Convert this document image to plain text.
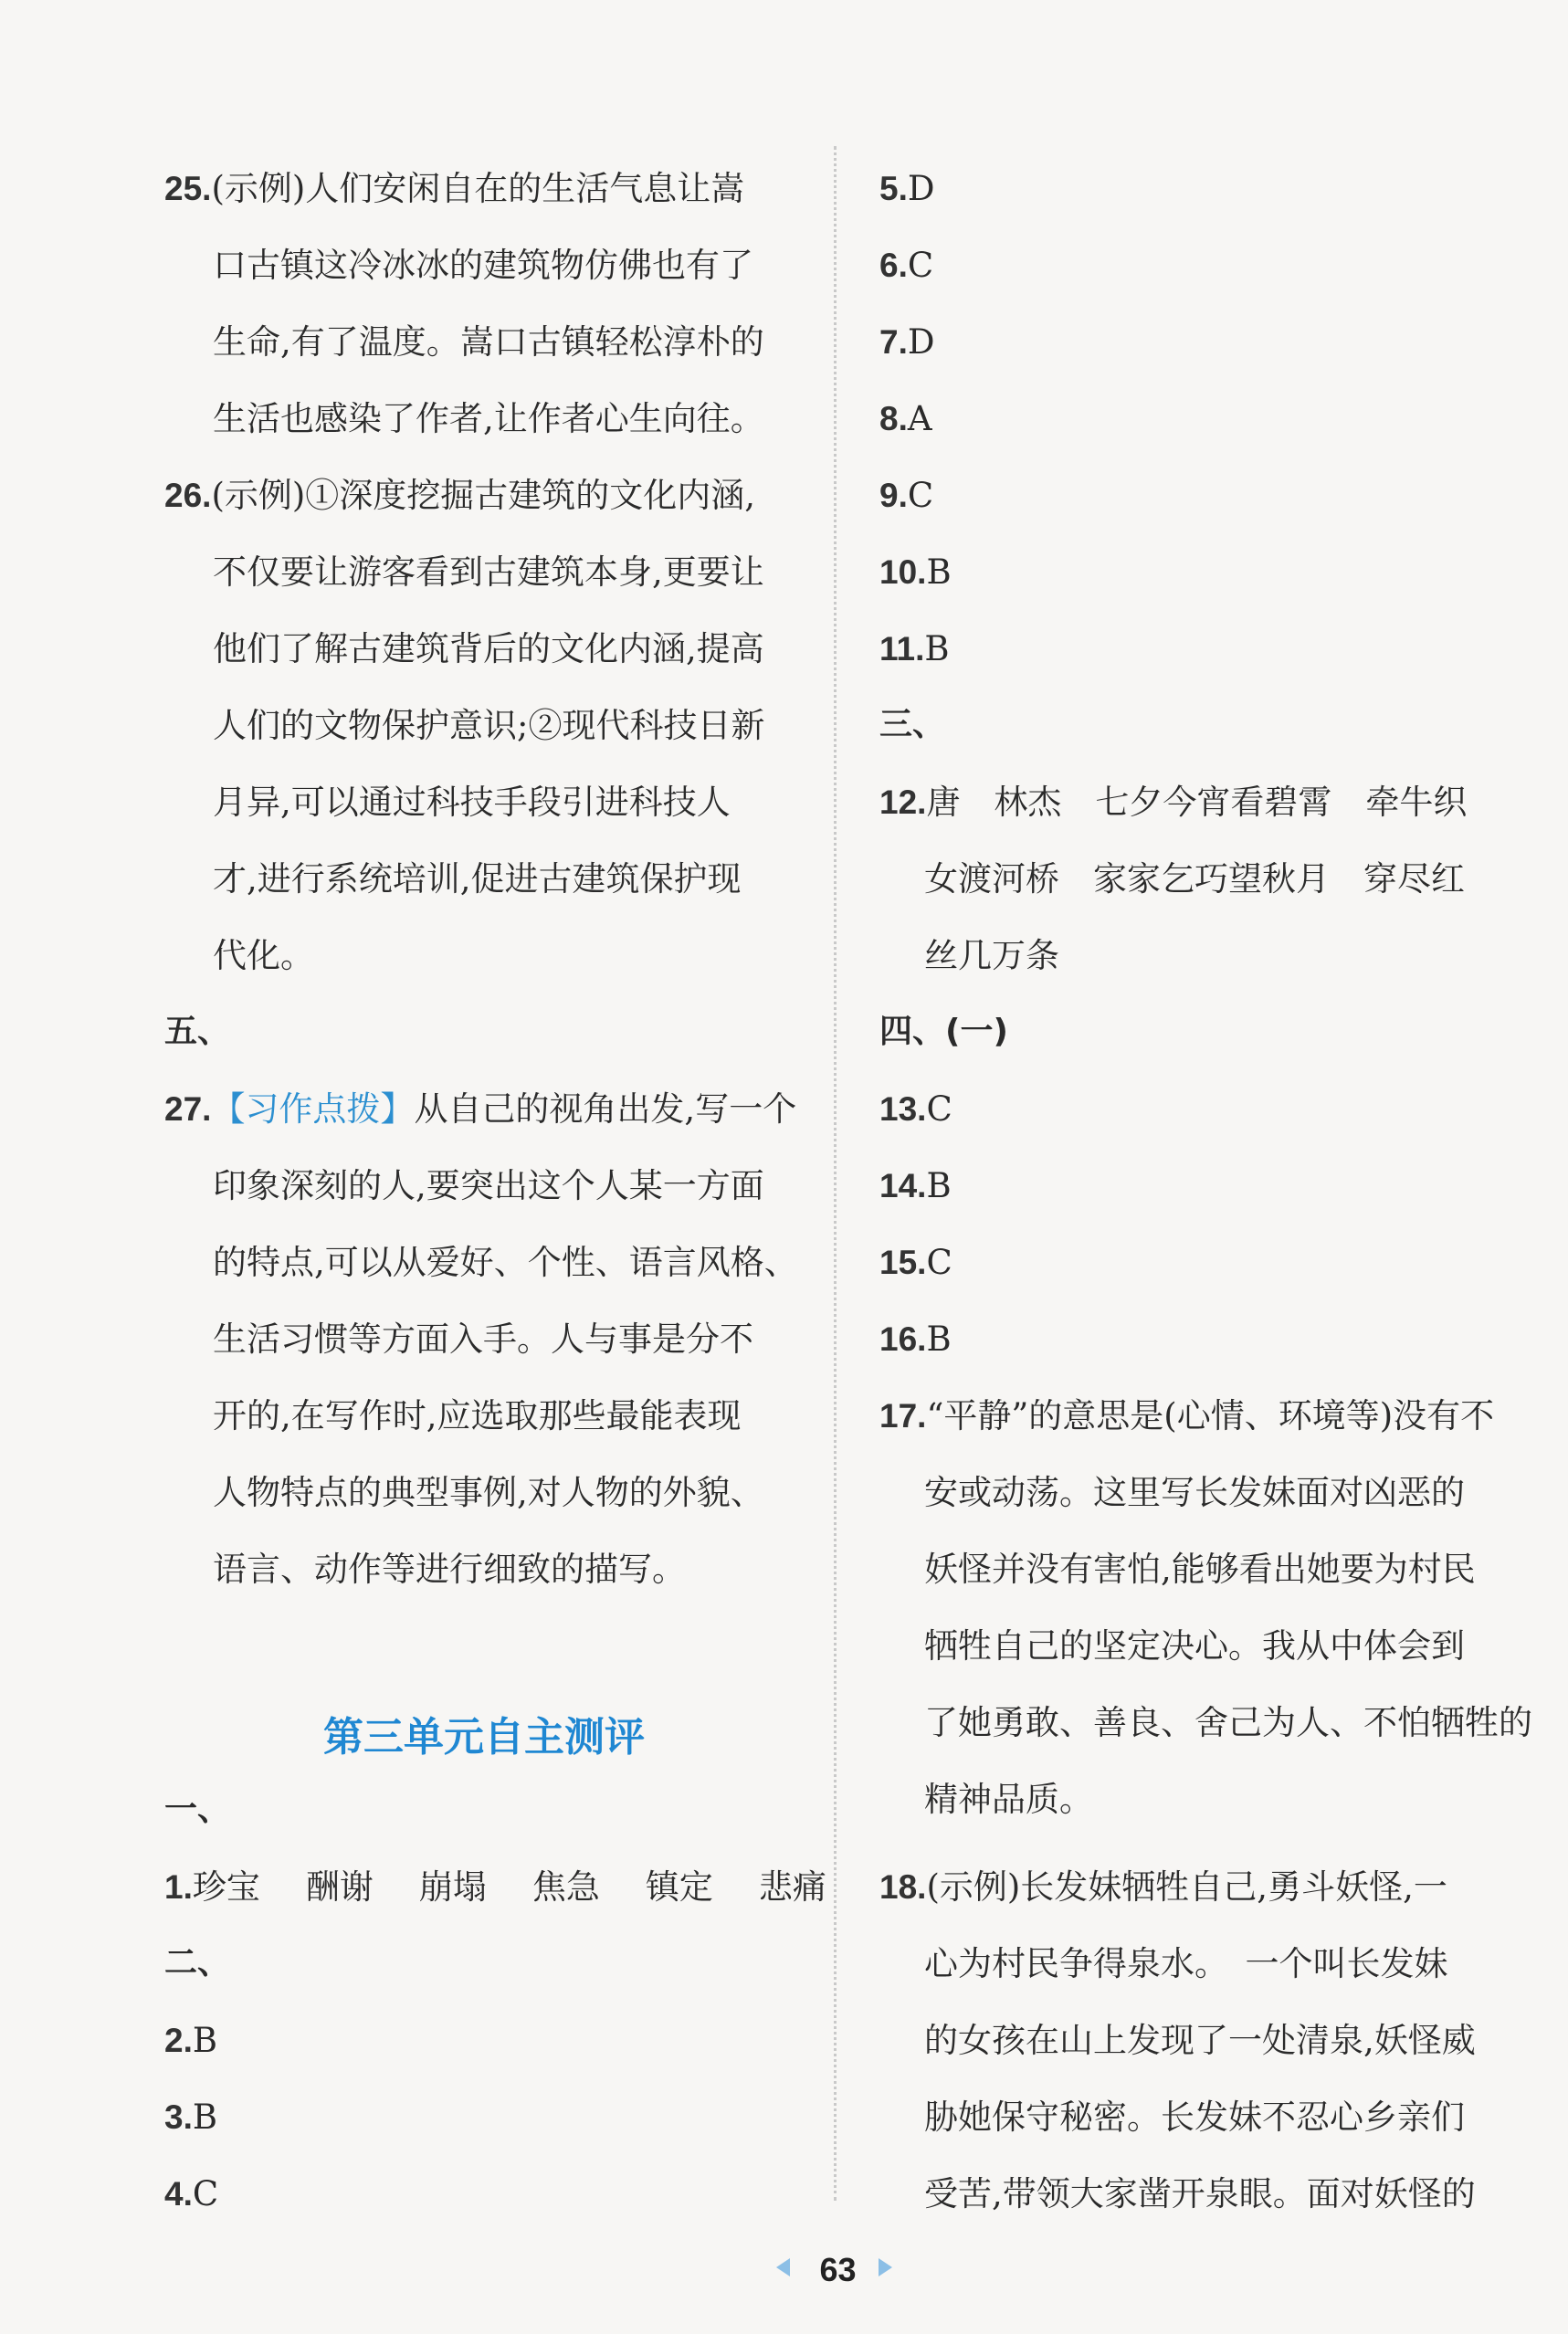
25.(示例)人们安闲自在的生活气息让嵩
口古镇这冷冰冰的建筑物仿佛也有了
生命,有了温度。嵩口古镇轻松淳朴的
生活也感染了作者,让作者心生向往。
26.(示例)①深度挖掘古建筑的文化内涵,
不仅要让游客看到古建筑本身,更要让
他们了解古建筑背后的文化内涵,提高
人们的文物保护意识;②现代科技日新
月异,可以通过科技手段引进科技人
才,进行系统培训,促进古建筑保护现
代化。
五、
27.【习作点拨】从自己的视角出发,写一个
印象深刻的人,要突出这个人某一方面
的特点,可以从爱好、个性、语言风格、
生活习惯等方面入手。人与事是分不
开的,在写作时,应选取那些最能表现
人物特点的典型事例,对人物的外貌、
语言、动作等进行细致的描写。
第三单元自主测评
一、
1.珍宝 酬谢 崩塌 焦急 镇定 悲痛
二、
2.B
3.B
4.C
5.D
6.C
7.D
8.A
9.C
10.B
11.B
三、
12.唐　林杰　七夕今宵看碧霄　牵牛织
女渡河桥　家家乞巧望秋月　穿尽红
丝几万条
四、(一)
13.C
14.B
15.C
16.B
17.“平静”的意思是(心情、环境等)没有不
安或动荡。这里写长发妹面对凶恶的
妖怪并没有害怕,能够看出她要为村民
牺牲自己的坚定决心。我从中体会到
了她勇敢、善良、舍己为人、不怕牺牲的
精神品质。
18.(示例)长发妹牺牲自己,勇斗妖怪,一
心为村民争得泉水。　一个叫长发妹
的女孩在山上发现了一处清泉,妖怪威
胁她保守秘密。长发妹不忍心乡亲们
受苦,带领大家凿开泉眼。面对妖怪的
63
